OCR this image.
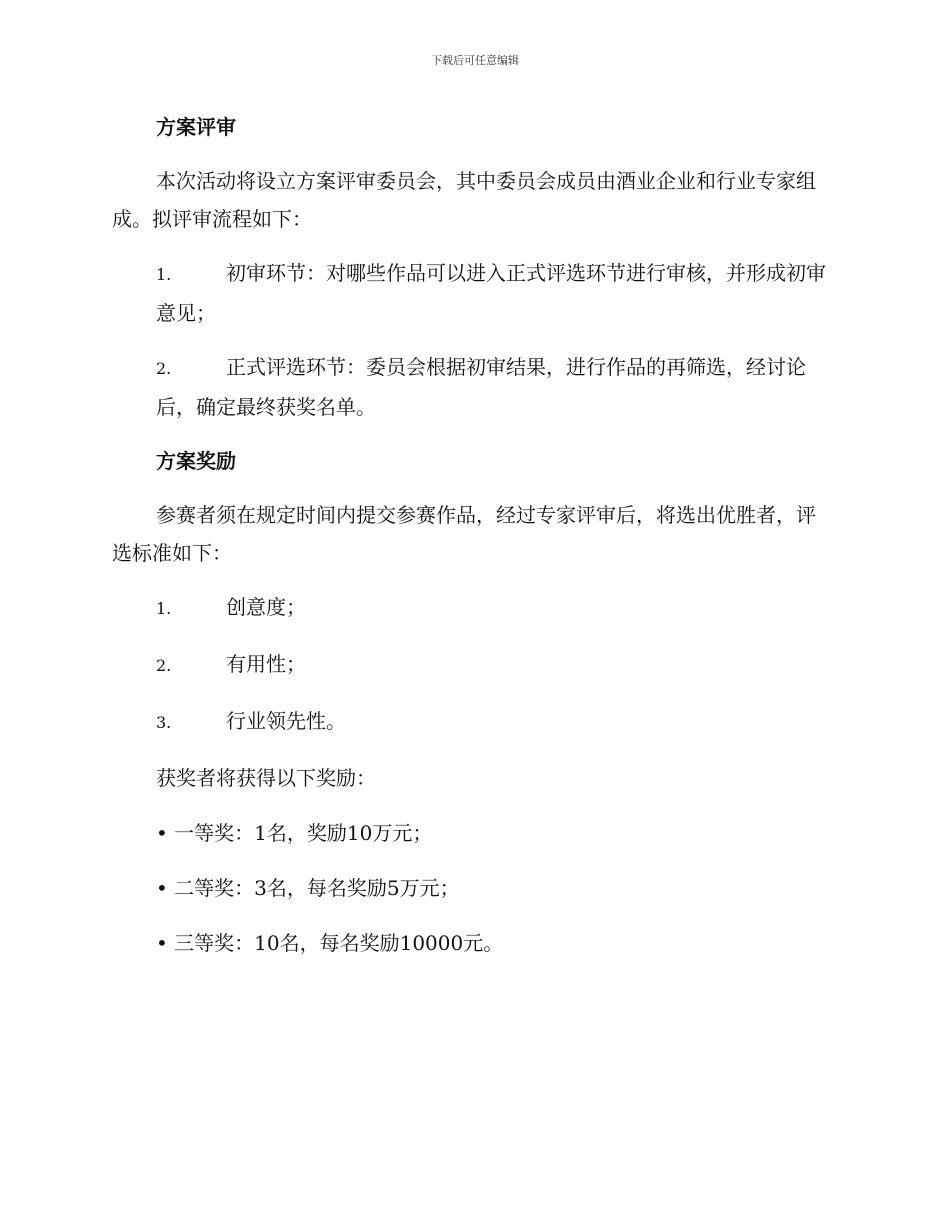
下载后可任意编辑

方案评审

本次活动将设立方案评审委员会，其中委员会成员由酒业企业和行业专家组成。拟评审流程如下：

1.	初审环节：对哪些作品可以进入正式评选环节进行审核，并形成初审意见；

2.	正式评选环节：委员会根据初审结果，进行作品的再筛选，经讨论后，确定最终获奖名单。

方案奖励

参赛者须在规定时间内提交参赛作品，经过专家评审后，将选出优胜者，评选标准如下：

1.	创意度；

2.	有用性；

3.	行业领先性。

获奖者将获得以下奖励：

• 一等奖：1名，奖励10万元；

• 二等奖：3名，每名奖励5万元；

• 三等奖：10名，每名奖励10000元。
